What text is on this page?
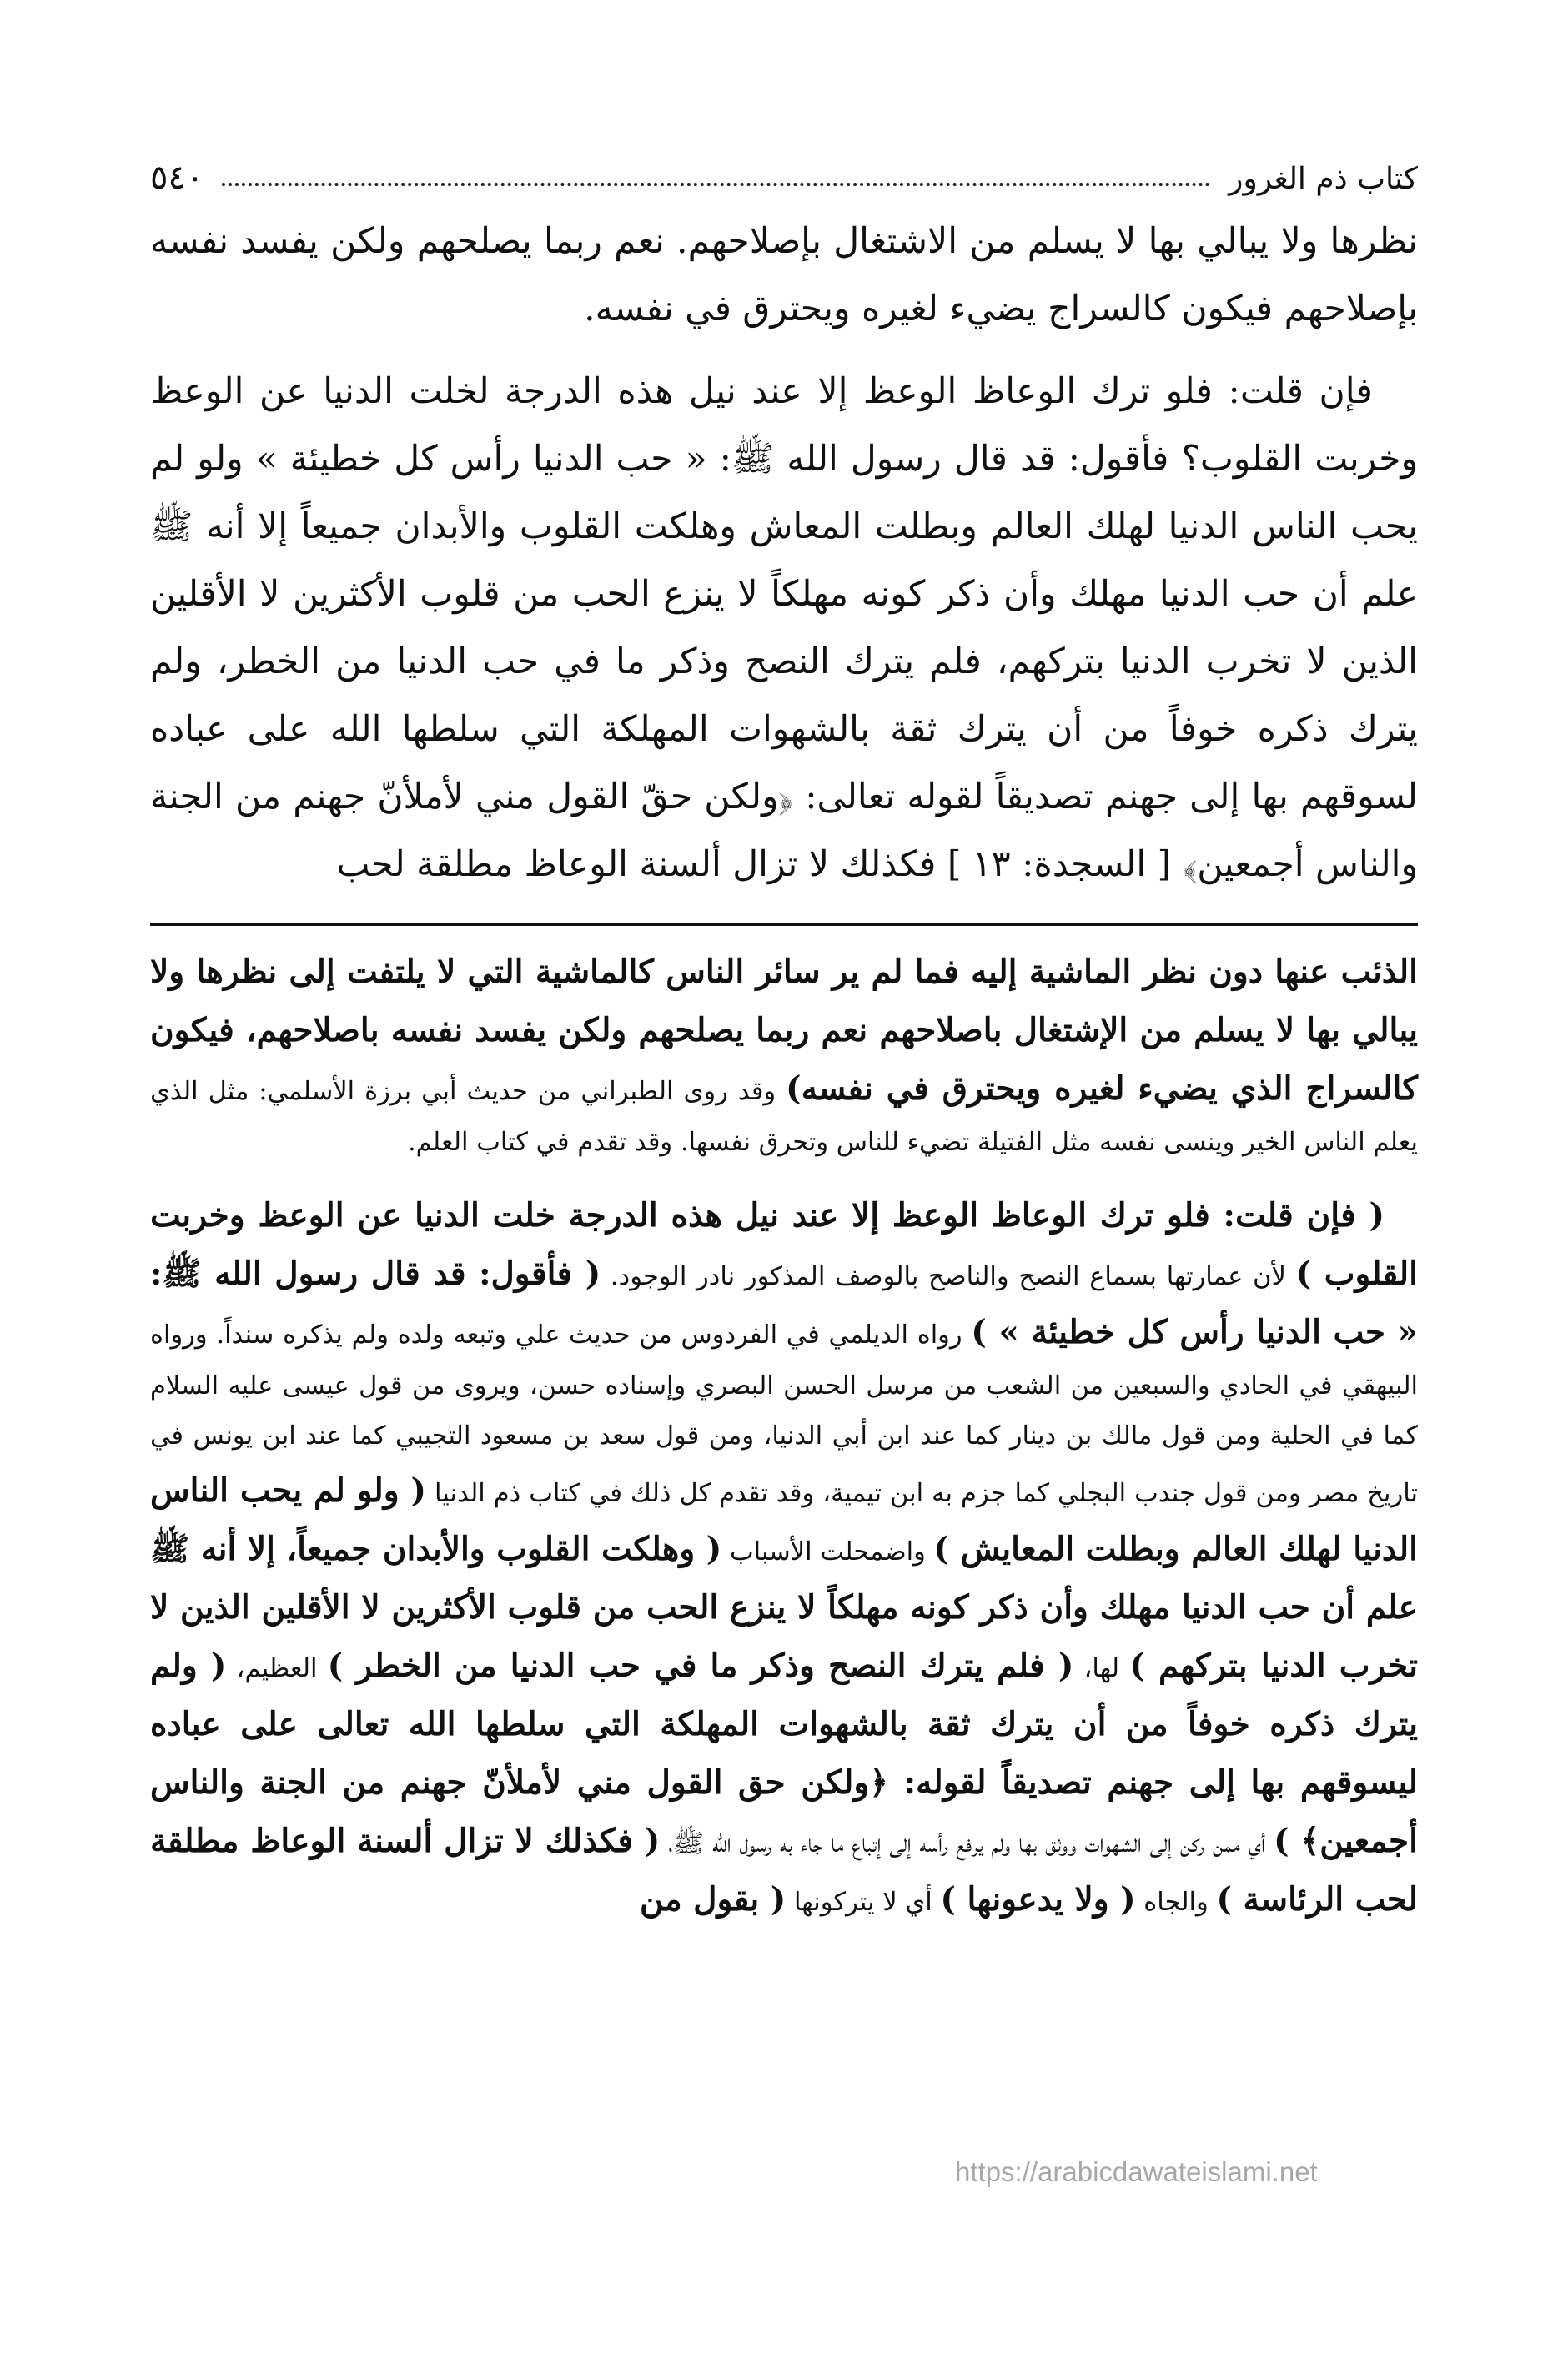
كتاب ذم الغرور
٥٤٠

نظرها ولا يبالي بها لا يسلم من الاشتغال بإصلاحهم. نعم ربما يصلحهم ولكن يفسد نفسه بإصلاحهم فيكون كالسراج يضيء لغيره ويحترق في نفسه.

فإن قلت: فلو ترك الوعاظ الوعظ إلا عند نيل هذه الدرجة لخلت الدنيا عن الوعظ وخربت القلوب؟ فأقول: قد قال رسول الله ﷺ: « حب الدنيا رأس كل خطيئة » ولو لم يحب الناس الدنيا لهلك العالم وبطلت المعاش وهلكت القلوب والأبدان جميعاً إلا أنه ﷺ علم أن حب الدنيا مهلك وأن ذكر كونه مهلكاً لا ينزع الحب من قلوب الأكثرين لا الأقلين الذين لا تخرب الدنيا بتركهم، فلم يترك النصح وذكر ما في حب الدنيا من الخطر، ولم يترك ذكره خوفاً من أن يترك ثقة بالشهوات المهلكة التي سلطها الله على عباده لسوقهم بها إلى جهنم تصديقاً لقوله تعالى: ﴿ولكن حقّ القول مني لأملأنّ جهنم من الجنة والناس أجمعين﴾ [ السجدة: ١٣ ] فكذلك لا تزال ألسنة الوعاظ مطلقة لحب

الذئب عنها دون نظر الماشية إليه فما لم ير سائر الناس كالماشية التي لا يلتفت إلى نظرها ولا يبالي بها لا يسلم من الإشتغال باصلاحهم نعم ربما يصلحهم ولكن يفسد نفسه باصلاحهم، فيكون كالسراج الذي يضيء لغيره ويحترق في نفسه) وقد روى الطبراني من حديث أبي برزة الأسلمي: مثل الذي يعلم الناس الخير وينسى نفسه مثل الفتيلة تضيء للناس وتحرق نفسها. وقد تقدم في كتاب العلم.

( فإن قلت: فلو ترك الوعاظ الوعظ إلا عند نيل هذه الدرجة خلت الدنيا عن الوعظ وخربت القلوب ) لأن عمارتها بسماع النصح والناصح بالوصف المذكور نادر الوجود. ( فأقول: قد قال رسول الله ﷺ: « حب الدنيا رأس كل خطيئة » ) رواه الديلمي في الفردوس من حديث علي وتبعه ولده ولم يذكره سنداً. ورواه البيهقي في الحادي والسبعين من الشعب من مرسل الحسن البصري وإسناده حسن، ويروى من قول عيسى عليه السلام كما في الحلية ومن قول مالك بن دينار كما عند ابن أبي الدنيا، ومن قول سعد بن مسعود التجيبي كما عند ابن يونس في تاريخ مصر ومن قول جندب البجلي كما جزم به ابن تيمية، وقد تقدم كل ذلك في كتاب ذم الدنيا ( ولو لم يحب الناس الدنيا لهلك العالم وبطلت المعايش ) واضمحلت الأسباب ( وهلكت القلوب والأبدان جميعاً، إلا أنه ﷺ علم أن حب الدنيا مهلك وأن ذكر كونه مهلكاً لا ينزع الحب من قلوب الأكثرين لا الأقلين الذين لا تخرب الدنيا بتركهم ) لها، ( فلم يترك النصح وذكر ما في حب الدنيا من الخطر ) العظيم، ( ولم يترك ذكره خوفاً من أن يترك ثقة بالشهوات المهلكة التي سلطها الله تعالى على عباده ليسوقهم بها إلى جهنم تصديقاً لقوله: ﴿ولكن حق القول مني لأملأنّ جهنم من الجنة والناس أجمعين﴾ ) أي ممن ركن إلى الشهوات ووثق بها ولم يرفع رأسه إلى إتباع ما جاء به رسول الله ﷺ، ( فكذلك لا تزال ألسنة الوعاظ مطلقة لحب الرئاسة ) والجاه ( ولا يدعونها ) أي لا يتركونها ( بقول من

https://arabicdawateislami.net
